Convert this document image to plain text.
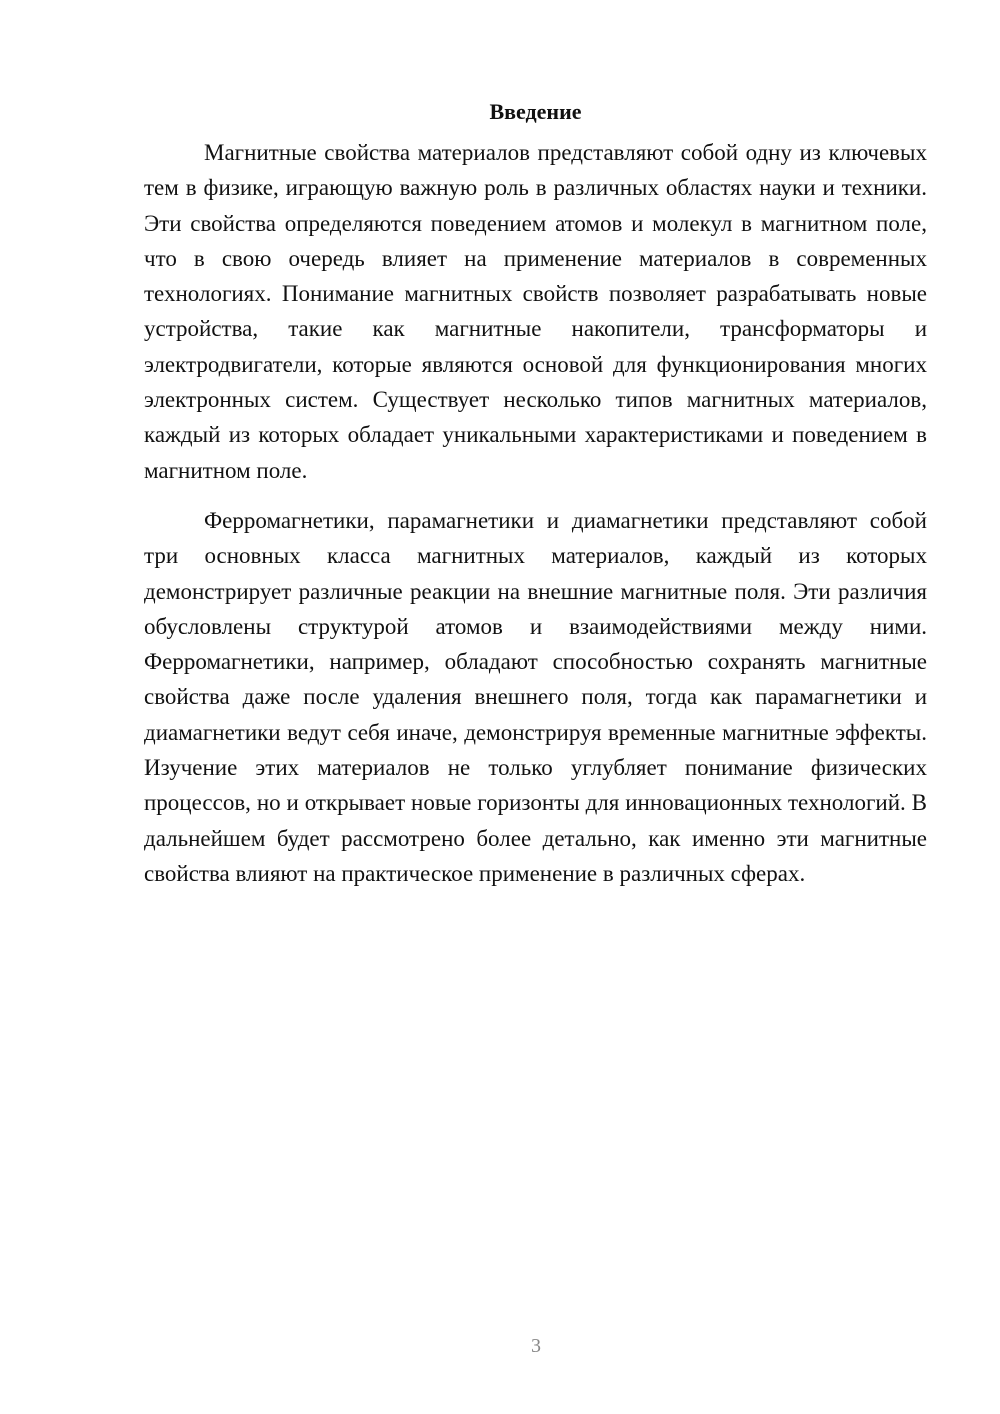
Введение

Магнитные свойства материалов представляют собой одну из ключевых тем в физике, играющую важную роль в различных областях науки и техники. Эти свойства определяются поведением атомов и молекул в магнитном поле, что в свою очередь влияет на применение материалов в современных технологиях. Понимание магнитных свойств позволяет разрабатывать новые устройства, такие как магнитные накопители, трансформаторы и электродвигатели, которые являются основой для функционирования многих электронных систем. Существует несколько типов магнитных материалов, каждый из которых обладает уникальными характеристиками и поведением в магнитном поле.

Ферромагнетики, парамагнетики и диамагнетики представляют собой три основных класса магнитных материалов, каждый из которых демонстрирует различные реакции на внешние магнитные поля. Эти различия обусловлены структурой атомов и взаимодействиями между ними. Ферромагнетики, например, обладают способностью сохранять магнитные свойства даже после удаления внешнего поля, тогда как парамагнетики и диамагнетики ведут себя иначе, демонстрируя временные магнитные эффекты. Изучение этих материалов не только углубляет понимание физических процессов, но и открывает новые горизонты для инновационных технологий. В дальнейшем будет рассмотрено более детально, как именно эти магнитные свойства влияют на практическое применение в различных сферах.

3
